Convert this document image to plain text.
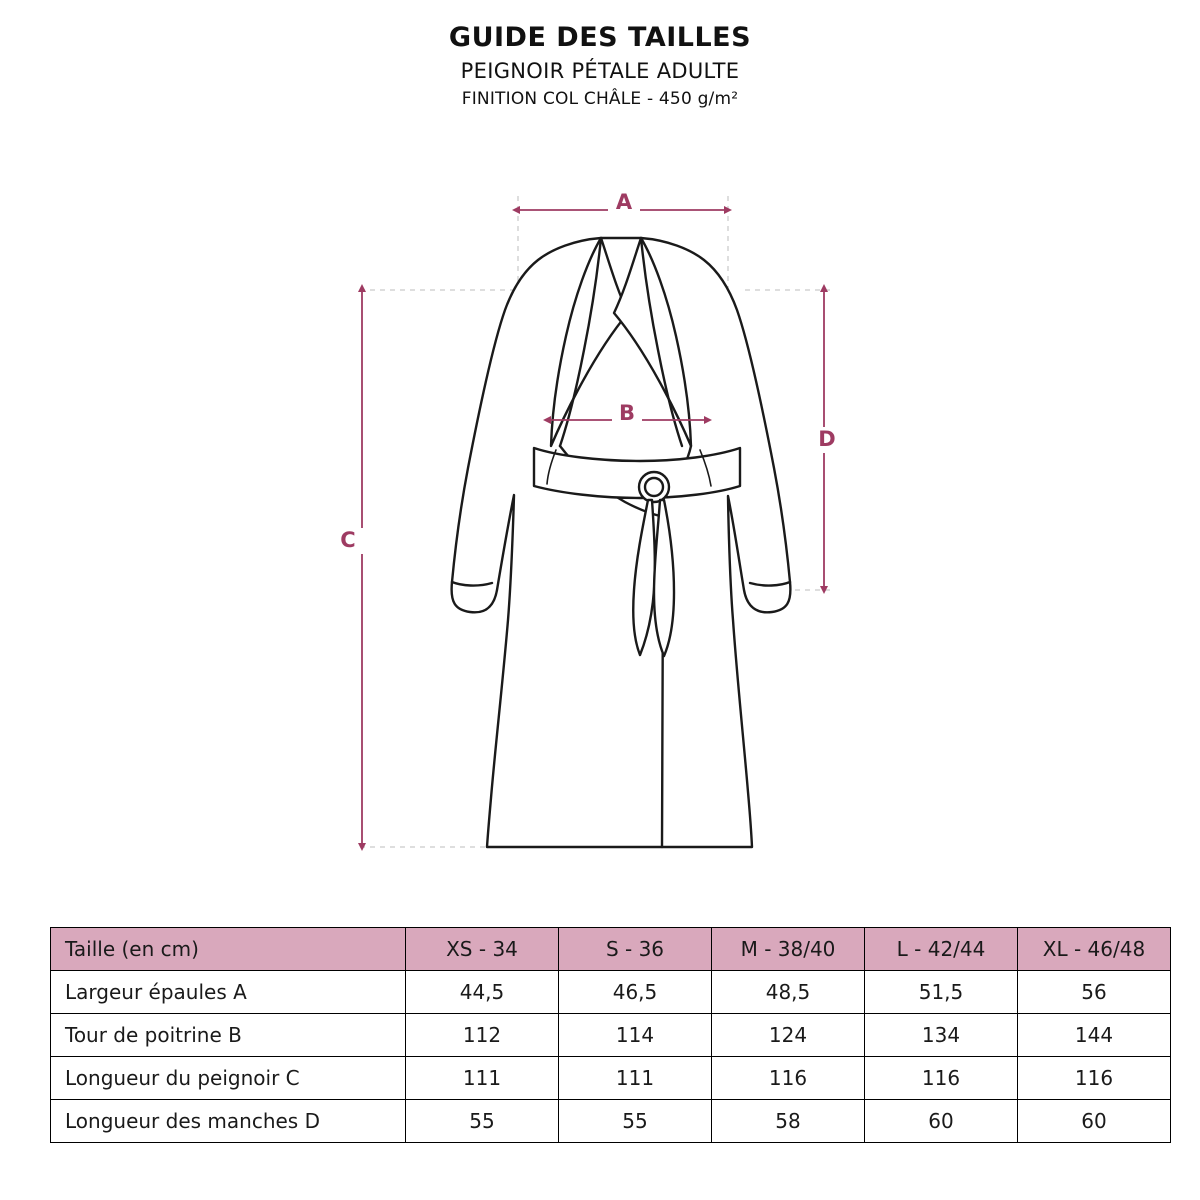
GUIDE DES TAILLES
PEIGNOIR PÉTALE ADULTE
FINITION COL CHÂLE - 450 g/m²
A
B
C
D
Taille (en cm)	XS - 34	S - 36	M - 38/40	L - 42/44	XL - 46/48
Largeur épaules A	44,5	46,5	48,5	51,5	56
Tour de poitrine B	112	114	124	134	144
Longueur du peignoir C	111	111	116	116	116
Longueur des manches D	55	55	58	60	60
